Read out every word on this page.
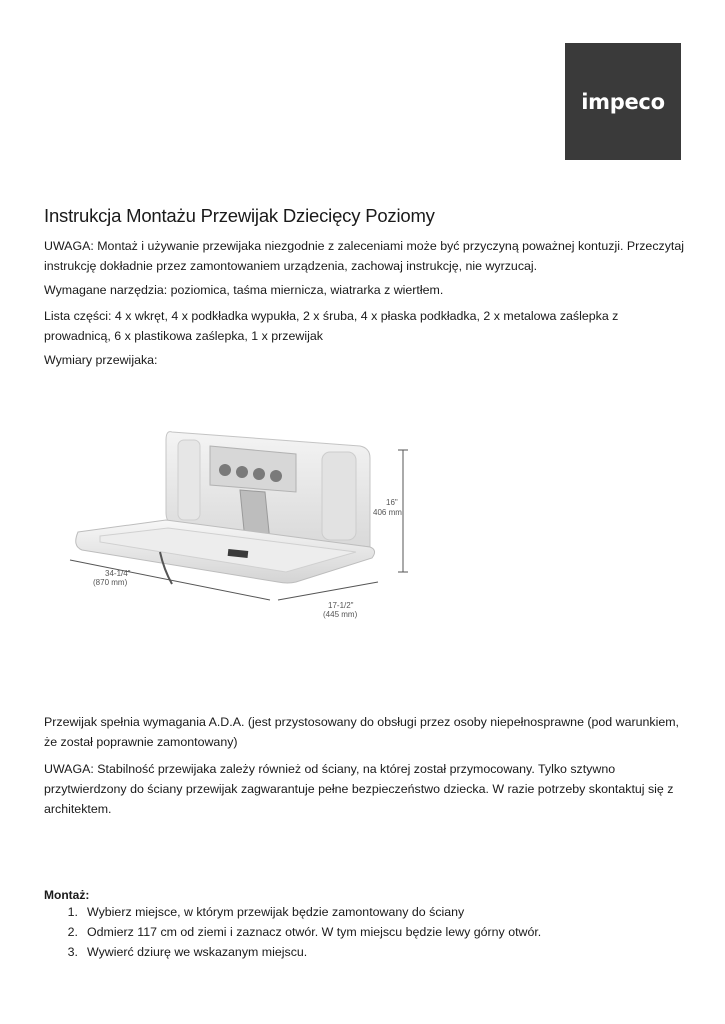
impeco
Instrukcja Montażu Przewijak Dziecięcy Poziomy

UWAGA: Montaż i używanie przewijaka niezgodnie z zaleceniami może być przyczyną poważnej kontuzji. Przeczytaj instrukcję dokładnie przez zamontowaniem urządzenia, zachowaj instrukcję, nie wyrzucaj.

Wymagane narzędzia: poziomica, taśma miernicza, wiatrarka z wiertłem.

Lista części: 4 x wkręt, 4 x podkładka wypukła, 2 x śruba, 4 x płaska podkładka, 2 x metalowa zaślepka z prowadnicą, 6 x plastikowa zaślepka, 1 x przewijak

Wymiary przewijaka:

16"
406 mm
34-1/4"
(870 mm)
17-1/2"
(445 mm)

Przewijak spełnia wymagania A.D.A. (jest przystosowany do obsługi przez osoby niepełnosprawne (pod warunkiem, że został poprawnie zamontowany)

UWAGA: Stabilność przewijaka zależy również od ściany, na której został przymocowany. Tylko sztywno przytwierdzony do ściany przewijak zagwarantuje pełne bezpieczeństwo dziecka. W razie potrzeby skontaktuj się z architektem.

Montaż:
1. Wybierz miejsce, w którym przewijak będzie zamontowany do ściany
2. Odmierz 117 cm od ziemi i zaznacz otwór. W tym miejscu będzie lewy górny otwór.
3. Wywierć dziurę we wskazanym miejscu.
